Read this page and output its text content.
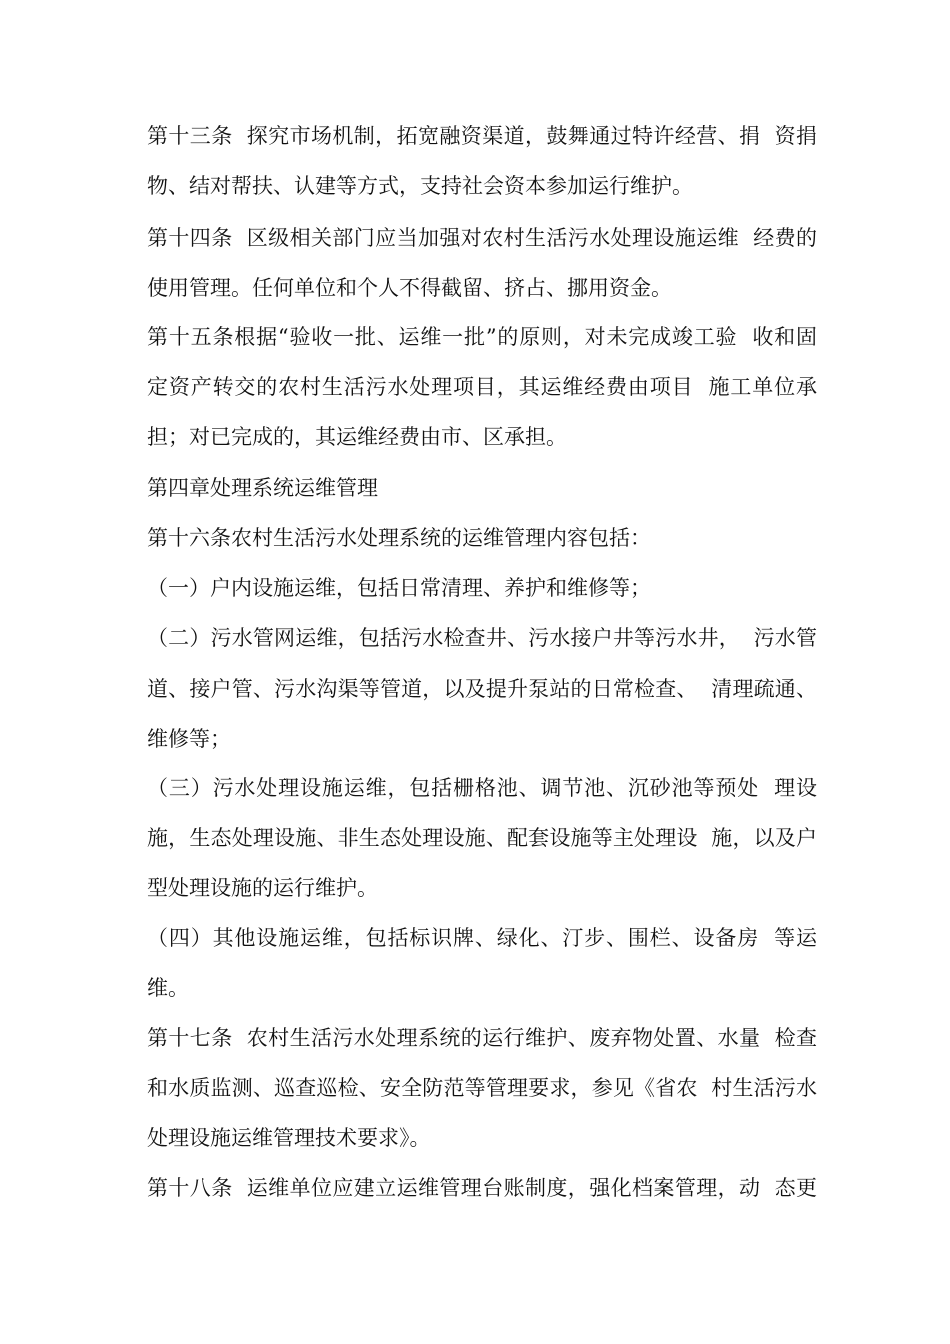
第十三条  探究市场机制，拓宽融资渠道，鼓舞通过特许经营、捐  资捐
物、结对帮扶、认建等方式，支持社会资本参加运行维护。
第十四条  区级相关部门应当加强对农村生活污水处理设施运维  经费的
使用管理。任何单位和个人不得截留、挤占、挪用资金。
第十五条根据“验收一批、运维一批”的原则，对未完成竣工验  收和固
定资产转交的农村生活污水处理项目，其运维经费由项目  施工单位承
担；对已完成的，其运维经费由市、区承担。
第四章处理系统运维管理
第十六条农村生活污水处理系统的运维管理内容包括：
（一）户内设施运维，包括日常清理、养护和维修等；
（二）污水管网运维，包括污水检查井、污水接户井等污水井，  污水管
道、接户管、污水沟渠等管道，以及提升泵站的日常检查、  清理疏通、
维修等；
（三）污水处理设施运维，包括栅格池、调节池、沉砂池等预处  理设
施，生态处理设施、非生态处理设施、配套设施等主处理设  施，以及户
型处理设施的运行维护。
（四）其他设施运维，包括标识牌、绿化、汀步、围栏、设备房  等运
维。
第十七条  农村生活污水处理系统的运行维护、废弃物处置、水量  检查
和水质监测、巡查巡检、安全防范等管理要求，参见《省农  村生活污水
处理设施运维管理技术要求》。
第十八条  运维单位应建立运维管理台账制度，强化档案管理，动  态更
